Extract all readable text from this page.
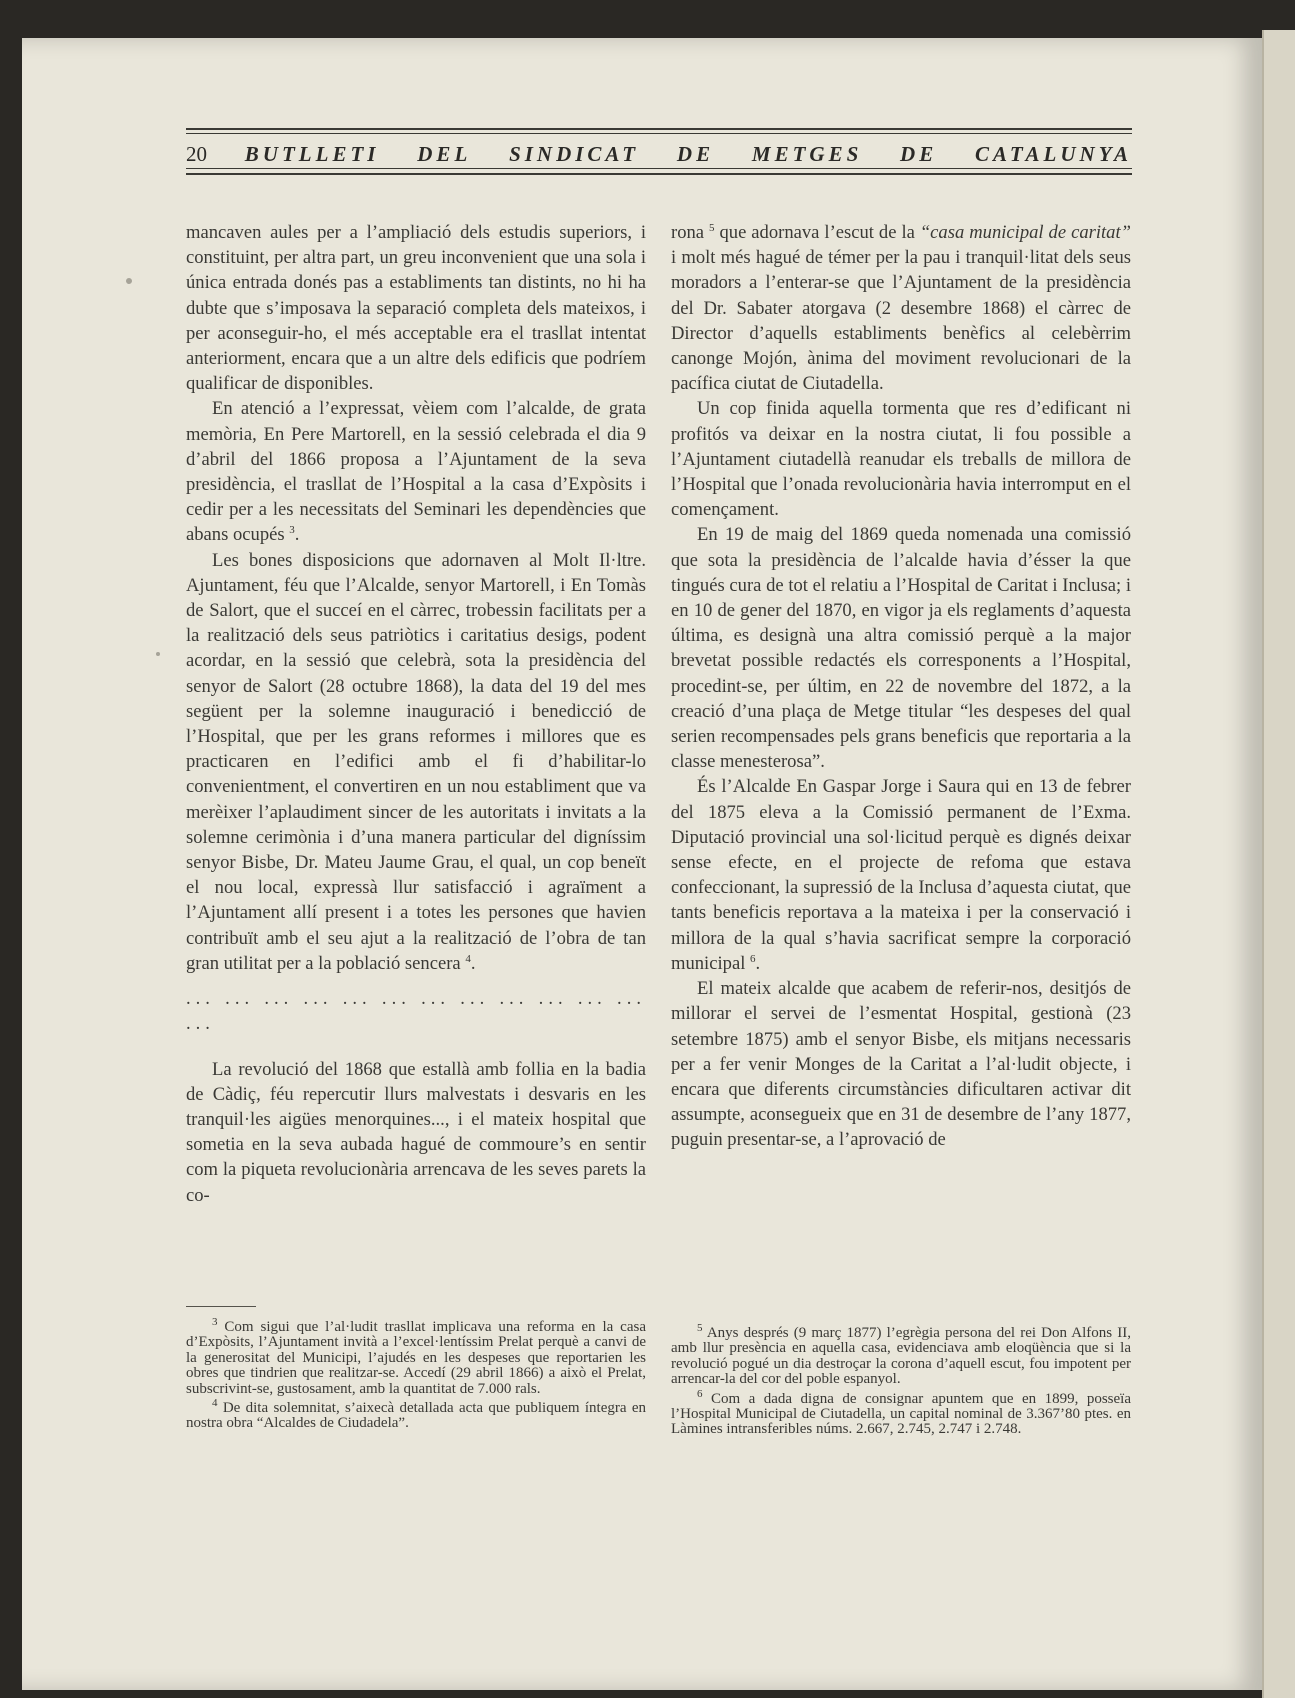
20 BUTLLETI DEL SINDICAT DE METGES DE CATALUNYA

mancaven aules per a l’ampliació dels estudis superiors, i constituint, per altra part, un greu inconvenient que una sola i única entrada donés pas a establiments tan distints, no hi ha dubte que s’imposava la separació completa dels mateixos, i per aconseguir-ho, el més acceptable era el trasllat intentat anteriorment, encara que a un altre dels edificis que podríem qualificar de disponibles.

En atenció a l’expressat, vèiem com l’alcalde, de grata memòria, En Pere Martorell, en la sessió celebrada el dia 9 d’abril del 1866 proposa a l’Ajuntament de la seva presidència, el trasllat de l’Hospital a la casa d’Expòsits i cedir per a les necessitats del Seminari les dependències que abans ocupés $^3$.

Les bones disposicions que adornaven al Molt Il·ltre. Ajuntament, féu que l’Alcalde, senyor Martorell, i En Tomàs de Salort, que el succeí en el càrrec, trobessin facilitats per a la realització dels seus patriòtics i caritatius desigs, podent acordar, en la sessió que celebrà, sota la presidència del senyor de Salort (28 octubre 1868), la data del 19 del mes següent per la solemne inauguració i benedicció de l’Hospital, que per les grans reformes i millores que es practicaren en l’edifici amb el fi d’habilitar-lo convenientment, el convertiren en un nou establiment que va merèixer l’aplaudiment sincer de les autoritats i invitats a la solemne cerimònia i d’una manera particular del digníssim senyor Bisbe, Dr. Mateu Jaume Grau, el qual, un cop beneït el nou local, expressà llur satisfacció i agraïment a l’Ajuntament allí present i a totes les persones que havien contribuït amb el seu ajut a la realització de l’obra de tan gran utilitat per a la població sencera $^4$.

... ... ... ... ... ... ... ... ... ... ... ... ...

La revolució del 1868 que estallà amb follia en la badia de Càdiç, féu repercutir llurs malvestats i desvaris en les tranquil·les aigües menorquines..., i el mateix hospital que sometia en la seva aubada hagué de commoure’s en sentir com la piqueta revolucionària arrencava de les seves parets la co-

rona $^5$ que adornava l’escut de la “casa municipal de caritat” i molt més hagué de témer per la pau i tranquil·litat dels seus moradors a l’enterar-se que l’Ajuntament de la presidència del Dr. Sabater atorgava (2 desembre 1868) el càrrec de Director d’aquells establiments benèfics al celebèrrim canonge Mojón, ànima del moviment revolucionari de la pacífica ciutat de Ciutadella.

Un cop finida aquella tormenta que res d’edificant ni profitós va deixar en la nostra ciutat, li fou possible a l’Ajuntament ciutadellà reanudar els treballs de millora de l’Hospital que l’onada revolucionària havia interromput en el començament.

En 19 de maig del 1869 queda nomenada una comissió que sota la presidència de l’alcalde havia d’ésser la que tingués cura de tot el relatiu a l’Hospital de Caritat i Inclusa; i en 10 de gener del 1870, en vigor ja els reglaments d’aquesta última, es designà una altra comissió perquè a la major brevetat possible redactés els corresponents a l’Hospital, procedint-se, per últim, en 22 de novembre del 1872, a la creació d’una plaça de Metge titular “les despeses del qual serien recompensades pels grans beneficis que reportaria a la classe menesterosa”.

És l’Alcalde En Gaspar Jorge i Saura qui en 13 de febrer del 1875 eleva a la Comissió permanent de l’Exma. Diputació provincial una sol·licitud perquè es dignés deixar sense efecte, en el projecte de refoma que estava confeccionant, la supressió de la Inclusa d’aquesta ciutat, que tants beneficis reportava a la mateixa i per la conservació i millora de la qual s’havia sacrificat sempre la corporació municipal $^6$.

El mateix alcalde que acabem de referir-nos, desitjós de millorar el servei de l’esmentat Hospital, gestionà (23 setembre 1875) amb el senyor Bisbe, els mitjans necessaris per a fer venir Monges de la Caritat a l’al·ludit objecte, i encara que diferents circumstàncies dificultaren activar dit assumpte, aconsegueix que en 31 de desembre de l’any 1877, puguin presentar-se, a l’aprovació de

$^3$ Com sigui que l’al·ludit trasllat implicava una reforma en la casa d’Expòsits, l’Ajuntament invità a l’excel·lentíssim Prelat perquè a canvi de la generositat del Municipi, l’ajudés en les despeses que reportarien les obres que tindrien que realitzar-se. Accedí (29 abril 1866) a això el Prelat, subscrivint-se, gustosament, amb la quantitat de 7.000 rals.

$^4$ De dita solemnitat, s’aixecà detallada acta que publiquem íntegra en nostra obra “Alcaldes de Ciudadela”.

$^5$ Anys després (9 març 1877) l’egrègia persona del rei Don Alfons II, amb llur presència en aquella casa, evidenciava amb eloqüència que si la revolució pogué un dia destroçar la corona d’aquell escut, fou impotent per arrencar-la del cor del poble espanyol.

$^6$ Com a dada digna de consignar apuntem que en 1899, posseïa l’Hospital Municipal de Ciutadella, un capital nominal de 3.367’80 ptes. en Làmines intransferibles núms. 2.667, 2.745, 2.747 i 2.748.
